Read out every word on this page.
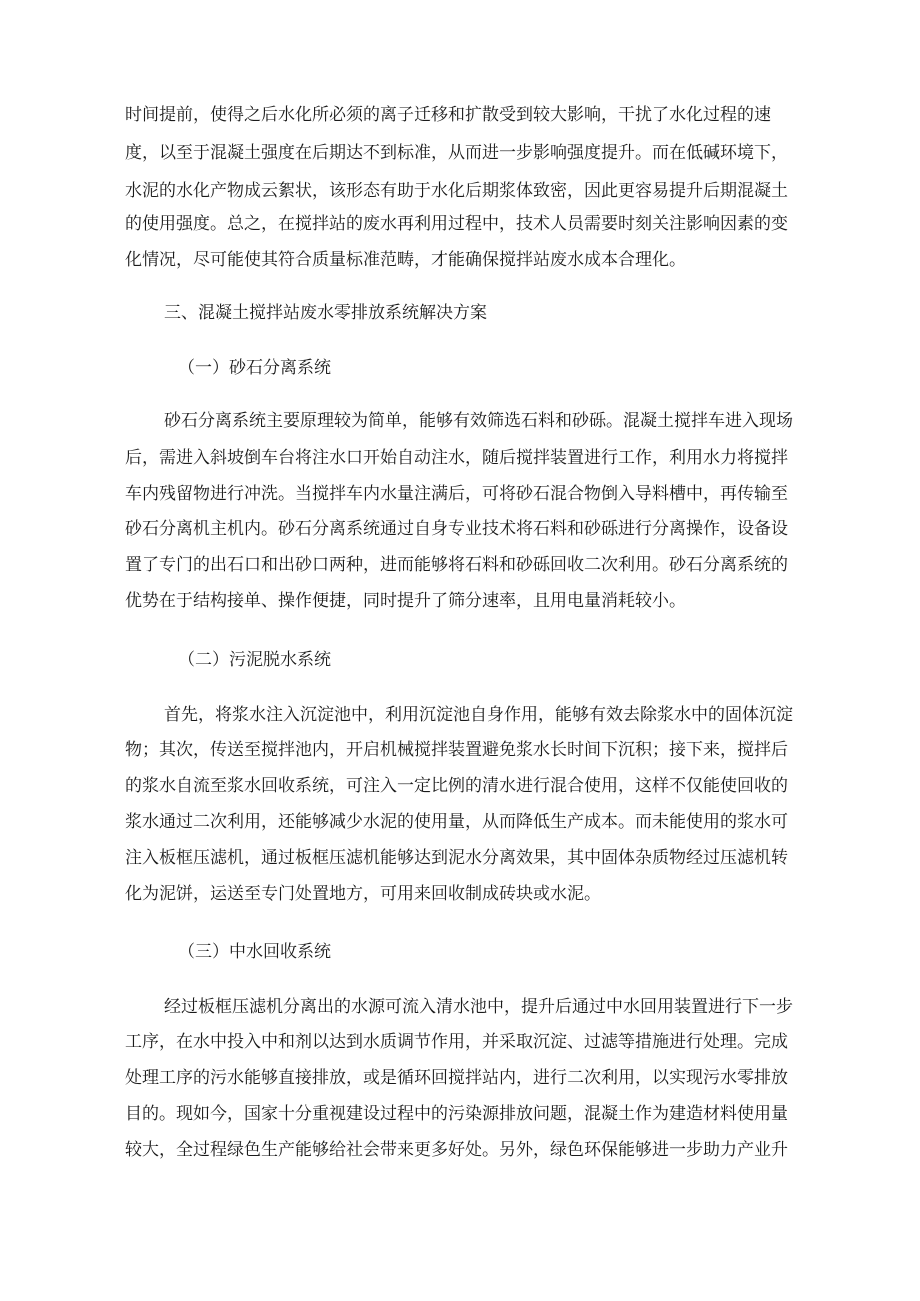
时间提前，使得之后水化所必须的离子迁移和扩散受到较大影响，干扰了水化过程的速
度，以至于混凝土强度在后期达不到标准，从而进一步影响强度提升。而在低碱环境下，
水泥的水化产物成云絮状，该形态有助于水化后期浆体致密，因此更容易提升后期混凝土
的使用强度。总之，在搅拌站的废水再利用过程中，技术人员需要时刻关注影响因素的变
化情况，尽可能使其符合质量标准范畴，才能确保搅拌站废水成本合理化。
三、混凝土搅拌站废水零排放系统解决方案
（一）砂石分离系统
砂石分离系统主要原理较为简单，能够有效筛选石料和砂砾。混凝土搅拌车进入现场
后，需进入斜坡倒车台将注水口开始自动注水，随后搅拌装置进行工作，利用水力将搅拌
车内残留物进行冲洗。当搅拌车内水量注满后，可将砂石混合物倒入导料槽中，再传输至
砂石分离机主机内。砂石分离系统通过自身专业技术将石料和砂砾进行分离操作，设备设
置了专门的出石口和出砂口两种，进而能够将石料和砂砾回收二次利用。砂石分离系统的
优势在于结构接单、操作便捷，同时提升了筛分速率，且用电量消耗较小。
（二）污泥脱水系统
首先，将浆水注入沉淀池中，利用沉淀池自身作用，能够有效去除浆水中的固体沉淀
物；其次，传送至搅拌池内，开启机械搅拌装置避免浆水长时间下沉积；接下来，搅拌后
的浆水自流至浆水回收系统，可注入一定比例的清水进行混合使用，这样不仅能使回收的
浆水通过二次利用，还能够减少水泥的使用量，从而降低生产成本。而未能使用的浆水可
注入板框压滤机，通过板框压滤机能够达到泥水分离效果，其中固体杂质物经过压滤机转
化为泥饼，运送至专门处置地方，可用来回收制成砖块或水泥。
（三）中水回收系统
经过板框压滤机分离出的水源可流入清水池中，提升后通过中水回用装置进行下一步
工序，在水中投入中和剂以达到水质调节作用，并采取沉淀、过滤等措施进行处理。完成
处理工序的污水能够直接排放，或是循环回搅拌站内，进行二次利用，以实现污水零排放
目的。现如今，国家十分重视建设过程中的污染源排放问题，混凝土作为建造材料使用量
较大，全过程绿色生产能够给社会带来更多好处。另外，绿色环保能够进一步助力产业升
